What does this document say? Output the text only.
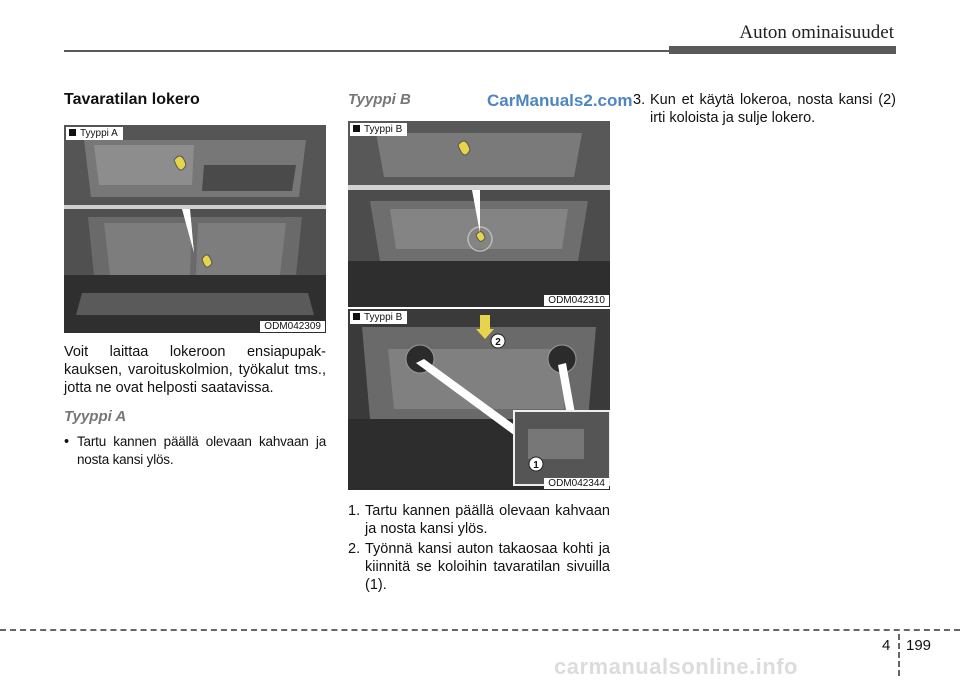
Auton ominaisuudet
Tavaratilan lokero
Tyyppi A
ODM042309
Voit laittaa lokeroon ensiapupakkauksen, varoituskolmion, työkalut tms., jotta ne ovat helposti saatavissa.
Tyyppi A
• Tartu kannen päällä olevaan kahvaan ja nosta kansi ylös.
Tyyppi B	CarManuals2.com
Tyyppi B
ODM042310
2
1
Tyyppi B
ODM042344
1. Tartu kannen päällä olevaan kahvaan ja nosta kansi ylös.
2. Työnnä kansi auton takaosaa kohti ja kiinnitä se koloihin tavaratilan sivuilla (1).
3. Kun et käytä lokeroa, nosta kansi (2) irti koloista ja sulje lokero.
4 199
carmanualsonline.info
